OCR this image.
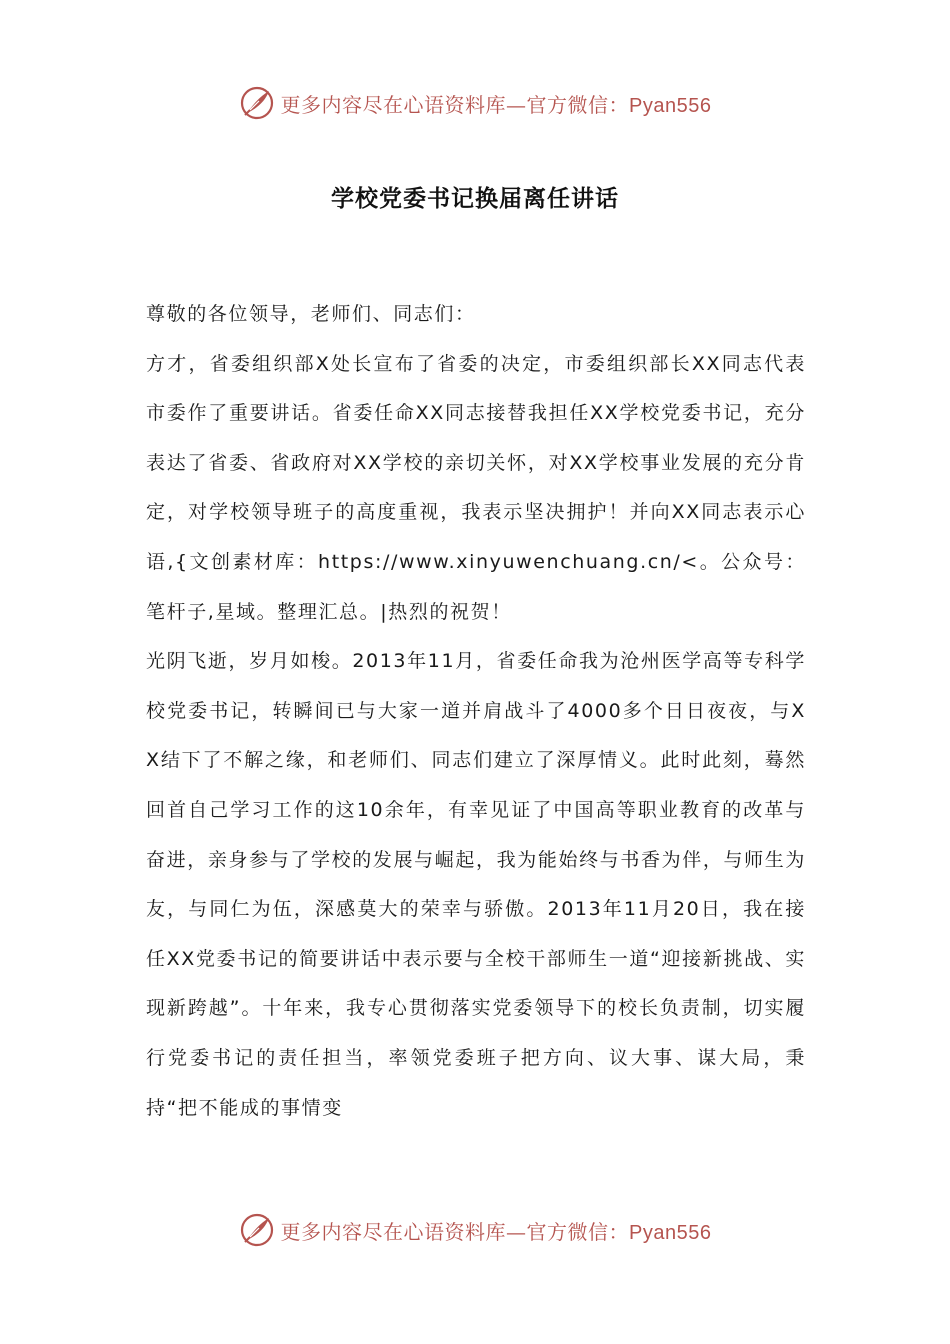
更多内容尽在心语资料库—官方微信：Pyan556
学校党委书记换届离任讲话

尊敬的各位领导，老师们、同志们：

方才，省委组织部X处长宣布了省委的决定，市委组织部长XX同志代表市委作了重要讲话。省委任命XX同志接替我担任XX学校党委书记，充分表达了省委、省政府对XX学校的亲切关怀，对XX学校事业发展的充分肯定，对学校领导班子的高度重视，我表示坚决拥护！并向XX同志表示心语,{文创素材库：https://www.xinyuwenchuang.cn/<。公众号：笔杆子,星域。整理汇总。|热烈的祝贺！

光阴飞逝，岁月如梭。2013年11月，省委任命我为沧州医学高等专科学校党委书记，转瞬间已与大家一道并肩战斗了4000多个日日夜夜，与XX结下了不解之缘，和老师们、同志们建立了深厚情义。此时此刻，蓦然回首自己学习工作的这10余年，有幸见证了中国高等职业教育的改革与奋进，亲身参与了学校的发展与崛起，我为能始终与书香为伴，与师生为友，与同仁为伍，深感莫大的荣幸与骄傲。2013年11月20日，我在接任XX党委书记的简要讲话中表示要与全校干部师生一道“迎接新挑战、实现新跨越”。十年来，我专心贯彻落实党委领导下的校长负责制，切实履行党委书记的责任担当，率领党委班子把方向、议大事、谋大局，秉持“把不能成的事情变

更多内容尽在心语资料库—官方微信：Pyan556
